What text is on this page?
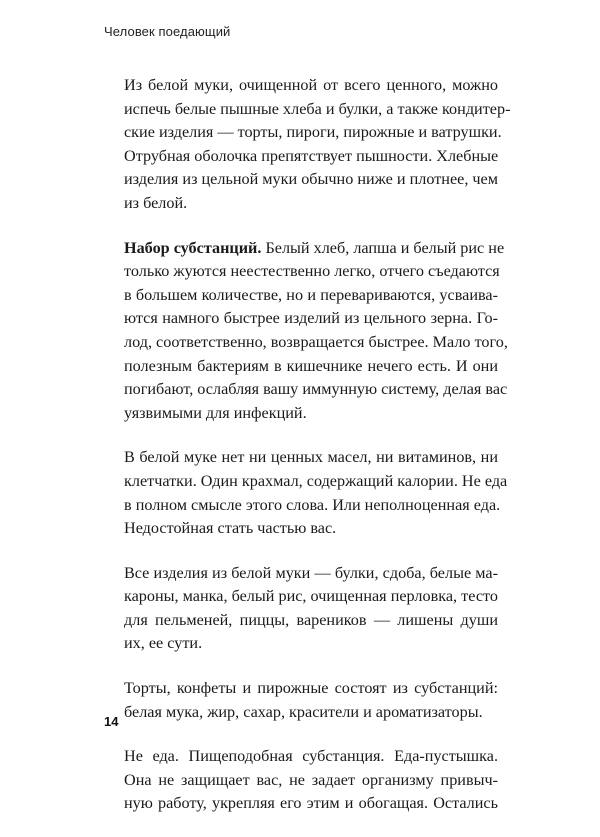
Человек поедающий
Из белой муки, очищенной от всего ценного, можно
испечь белые пышные хлеба и булки, а также кондитер-
ские изделия — торты, пироги, пирожные и ватрушки.
Отрубная оболочка препятствует пышности. Хлебные
изделия из цельной муки обычно ниже и плотнее, чем
из белой.
Набор субстанций. Белый хлеб, лапша и белый рис не
только жуются неестественно легко, отчего съедаются
в большем количестве, но и перевариваются, усваива-
ются намного быстрее изделий из цельного зерна. Го-
лод, соответственно, возвращается быстрее. Мало того,
полезным бактериям в кишечнике нечего есть. И они
погибают, ослабляя вашу иммунную систему, делая вас
уязвимыми для инфекций.
В белой муке нет ни ценных масел, ни витаминов, ни
клетчатки. Один крахмал, содержащий калории. Не еда
в полном смысле этого слова. Или неполноценная еда.
Недостойная стать частью вас.
Все изделия из белой муки — булки, сдоба, белые ма-
кароны, манка, белый рис, очищенная перловка, тесто
для пельменей, пиццы, вареников — лишены души
их, ее сути.
Торты, конфеты и пирожные состоят из субстанций:
белая мука, жир, сахар, красители и ароматизаторы.
Не еда. Пищеподобная субстанция. Еда-пустышка.
Она не защищает вас, не задает организму привыч-
ную работу, укрепляя его этим и обогащая. Остались
14
